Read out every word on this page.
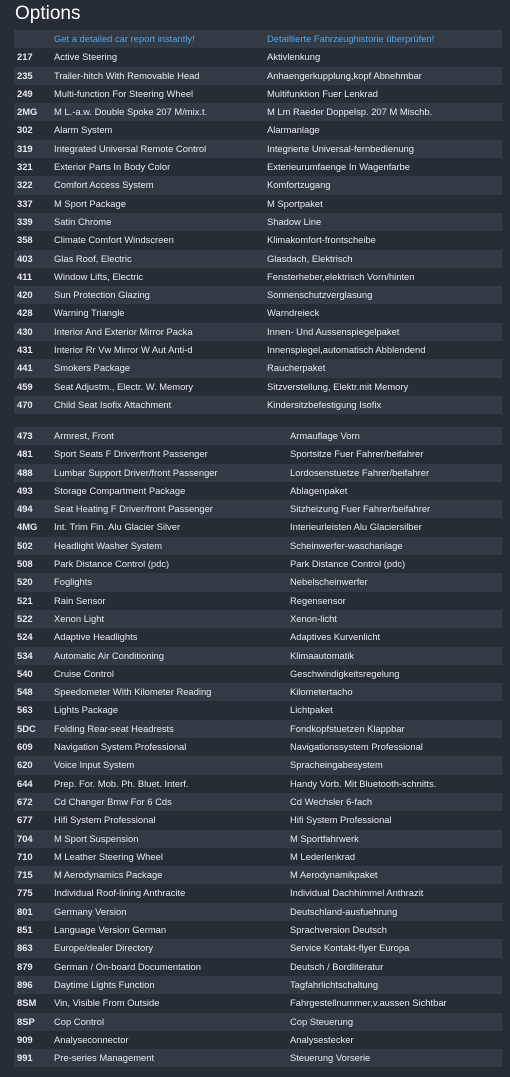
Options
	Get a detailed car report instantly!	Detaillierte Fahrzeughistorie überprüfen!
217	Active Steering	Aktivlenkung
235	Trailer-hitch With Removable Head	Anhaengerkupplung,kopf Abnehmbar
249	Multi-function For Steering Wheel	Multifunktion Fuer Lenkrad
2MG	M L.-a.w. Double Spoke 207 M/mix.t.	M Lm Raeder Doppelsp. 207 M Mischb.
302	Alarm System	Alarmanlage
319	Integrated Universal Remote Control	Integrierte Universal-fernbedienung
321	Exterior Parts In Body Color	Exterieurumfaenge In Wagenfarbe
322	Comfort Access System	Komfortzugang
337	M Sport Package	M Sportpaket
339	Satin Chrome	Shadow Line
358	Climate Comfort Windscreen	Klimakomfort-frontscheibe
403	Glas Roof, Electric	Glasdach, Elektrisch
411	Window Lifts, Electric	Fensterheber,elektrisch Vorn/hinten
420	Sun Protection Glazing	Sonnenschutzverglasung
428	Warning Triangle	Warndreieck
430	Interior And Exterior Mirror Packa	Innen- Und Aussenspiegelpaket
431	Interior Rr Vw Mirror W Aut Anti-d	Innenspiegel,automatisch Abblendend
441	Smokers Package	Raucherpaket
459	Seat Adjustm., Electr. W. Memory	Sitzverstellung, Elektr.mit Memory
470	Child Seat Isofix Attachment	Kindersitzbefestigung Isofix
473	Armrest, Front	Armauflage Vorn
481	Sport Seats F Driver/front Passenger	Sportsitze Fuer Fahrer/beifahrer
488	Lumbar Support Driver/front Passenger	Lordosenstuetze Fahrer/beifahrer
493	Storage Compartment Package	Ablagenpaket
494	Seat Heating F Driver/front Passenger	Sitzheizung Fuer Fahrer/beifahrer
4MG	Int. Trim Fin. Alu Glacier Silver	Interieurleisten Alu Glaciersilber
502	Headlight Washer System	Scheinwerfer-waschanlage
508	Park Distance Control (pdc)	Park Distance Control (pdc)
520	Foglights	Nebelscheinwerfer
521	Rain Sensor	Regensensor
522	Xenon Light	Xenon-licht
524	Adaptive Headlights	Adaptives Kurvenlicht
534	Automatic Air Conditioning	Klimaautomatik
540	Cruise Control	Geschwindigkeitsregelung
548	Speedometer With Kilometer Reading	Kilometertacho
563	Lights Package	Lichtpaket
5DC	Folding Rear-seat Headrests	Fondkopfstuetzen Klappbar
609	Navigation System Professional	Navigationssystem Professional
620	Voice Input System	Spracheingabesystem
644	Prep. For. Mob. Ph. Bluet. Interf.	Handy Vorb. Mit Bluetooth-schnitts.
672	Cd Changer Bmw For 6 Cds	Cd Wechsler 6-fach
677	Hifi System Professional	Hifi System Professional
704	M Sport Suspension	M Sportfahrwerk
710	M Leather Steering Wheel	M Lederlenkrad
715	M Aerodynamics Package	M Aerodynamikpaket
775	Individual Roof-lining Anthracite	Individual Dachhimmel Anthrazit
801	Germany Version	Deutschland-ausfuehrung
851	Language Version German	Sprachversion Deutsch
863	Europe/dealer Directory	Service Kontakt-flyer Europa
879	German / On-board Documentation	Deutsch / Bordliteratur
896	Daytime Lights Function	Tagfahrlichtschaltung
8SM	Vin, Visible From Outside	Fahrgestellnummer,v.aussen Sichtbar
8SP	Cop Control	Cop Steuerung
909	Analyseconnector	Analysestecker
991	Pre-series Management	Steuerung Vorserie
